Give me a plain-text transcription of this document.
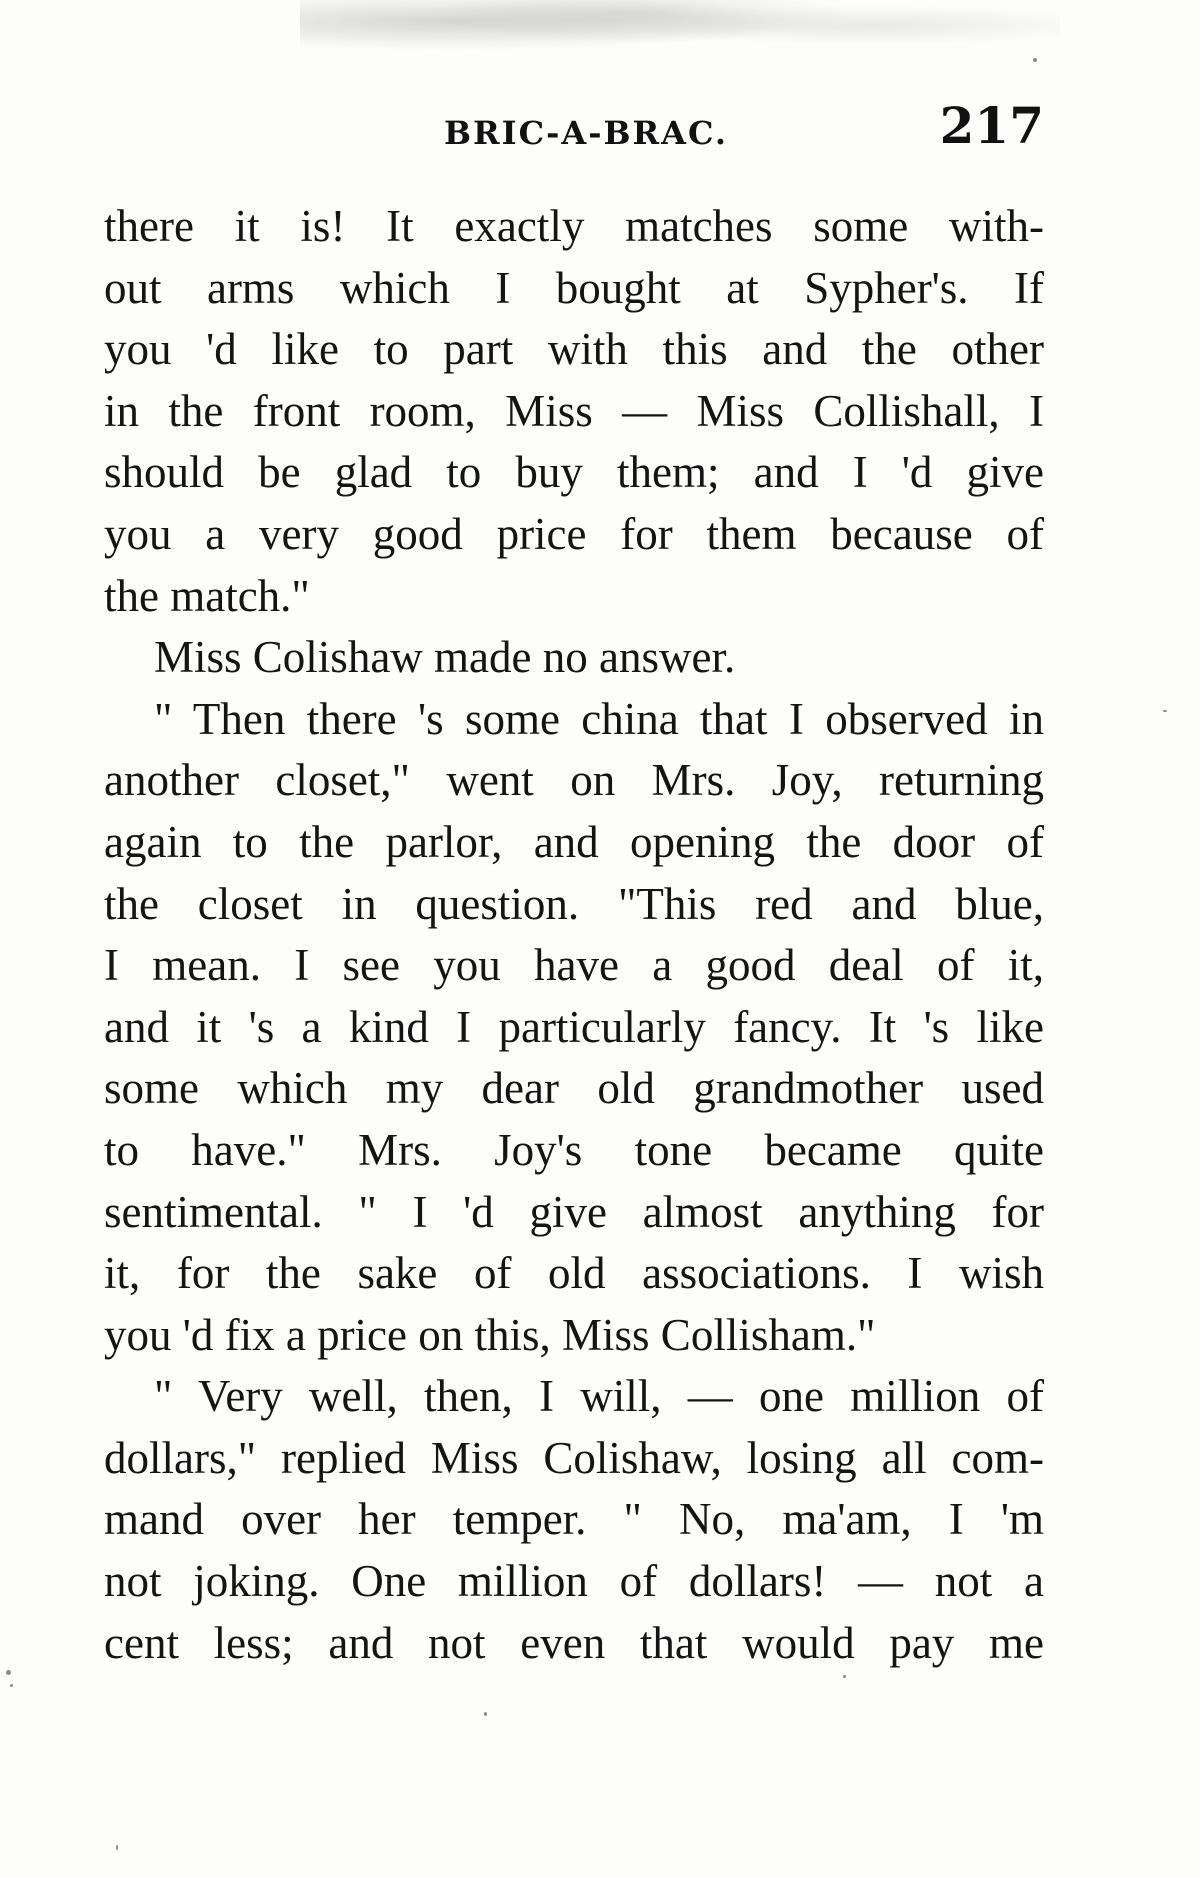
BRIC-A-BRAC.	217
there it is! It exactly matches some with-
out arms which I bought at Sypher's. If
you 'd like to part with this and the other
in the front room, Miss — Miss Collishall, I
should be glad to buy them; and I 'd give
you a very good price for them because of
the match."
Miss Colishaw made no answer.
" Then there 's some china that I observed in
another closet," went on Mrs. Joy, returning
again to the parlor, and opening the door of
the closet in question. "This red and blue,
I mean. I see you have a good deal of it,
and it 's a kind I particularly fancy. It 's like
some which my dear old grandmother used
to have." Mrs. Joy's tone became quite
sentimental. " I 'd give almost anything for
it, for the sake of old associations. I wish
you 'd fix a price on this, Miss Collisham."
" Very well, then, I will, — one million of
dollars," replied Miss Colishaw, losing all com-
mand over her temper. " No, ma'am, I 'm
not joking. One million of dollars! — not a
cent less; and not even that would pay me
